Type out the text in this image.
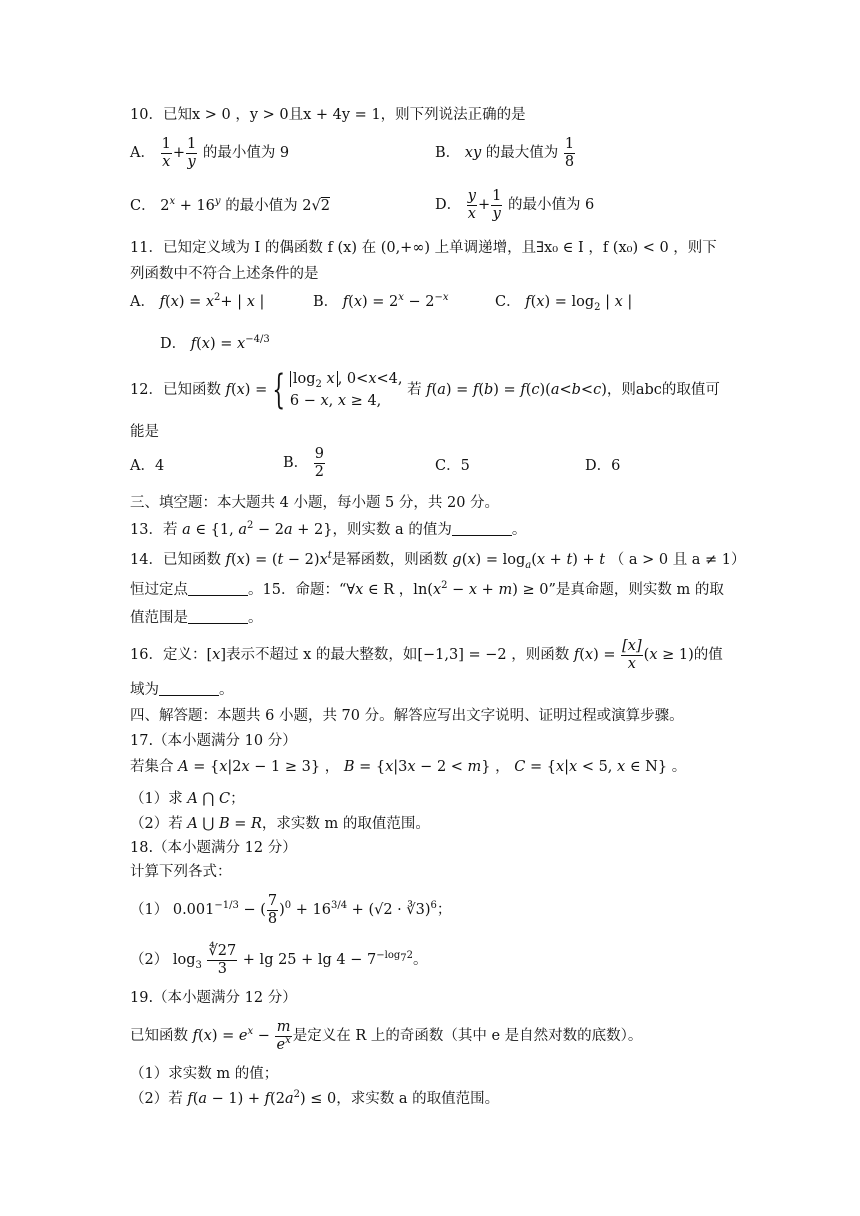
10．已知x > 0 ，y > 0且x + 4y = 1，则下列说法正确的是
A． $\frac{1}{x} + \frac{1}{y}$ 的最小值为 9	B． xy 的最大值为 $\frac{1}{8}$
C． $2^x + 16^y$ 的最小值为 2√2	D． $\frac{y}{x} + \frac{1}{y}$ 的最小值为 6
11．已知定义域为 I 的偶函数 f (x) 在 (0,+∞) 上单调递增，且∃x₀ ∈ I ，f (x₀) < 0 ，则下
列函数中不符合上述条件的是
A． $f(x) = x^2+$ | x |	B． $f(x) = 2^x - 2^{-x}$	C． $f(x) = \log_2$ | x |
D． $f(x) = x^{-4/3}$
12．已知函数 f(x) = { $\log_2 x$ , 0<x<4,
6 − x, x ≥ 4,
若 f(a) = f(b) = f(c)(a<b<c)，则abc的取值可
能是
A．4	B． $\frac{9}{2}$	C．5	D．6
三、填空题：本大题共 4 小题，每小题 5 分，共 20 分。
13．若 a ∈ {1, $a^2 - 2a + 2$}，则实数 a 的值为	。
14．已知函数 $f(x) = (t - 2)x^t$是幂函数，则函数 $g(x) = \log_a(x + t) + t$ （ a > 0 且 a ≠ 1）
恒过定点	。15．命题：“∀x ∈ R ，$\ln(x^2 - x + m) \ge 0$”是真命题，则实数 m 的取
值范围是	。
16．定义：[x]表示不超过 x 的最大整数，如[−1,3] = −2 ，则函数 $f(x) = \frac{[x]}{x} (x \ge 1)$的值
域为	。
四、解答题：本题共 6 小题，共 70 分。解答应写出文字说明、证明过程或演算步骤。
17.（本小题满分 10 分）
若集合 A = {x|2x − 1 ≥ 3} ， B = {x|3x − 2 < m} ， C = {x|x < 5, x ∈ N} 。
（1）求 A ⋂ C；
（2）若 A ⋃ B = R，求实数 m 的取值范围。
18.（本小题满分 12 分）
计算下列各式：
（1） $0.001^{-1/3}$ − ( $\frac{7}{8} )^0 + 16^{3/4} + (√2$ · ∛3)$^6$；
（2） $\log_3 \frac{∜27}{3} + \lg 25 + \lg 4 - 7^{-log_72}$。
19.（本小题满分 12 分）
已知函数 $f(x) = e^x - \frac{m}{e^x}$ 是定义在 R 上的奇函数（其中 e 是自然对数的底数）。
（1）求实数 m 的值；
（2）若 $f(a - 1) + f(2a^2) \le 0$，求实数 a 的取值范围。
